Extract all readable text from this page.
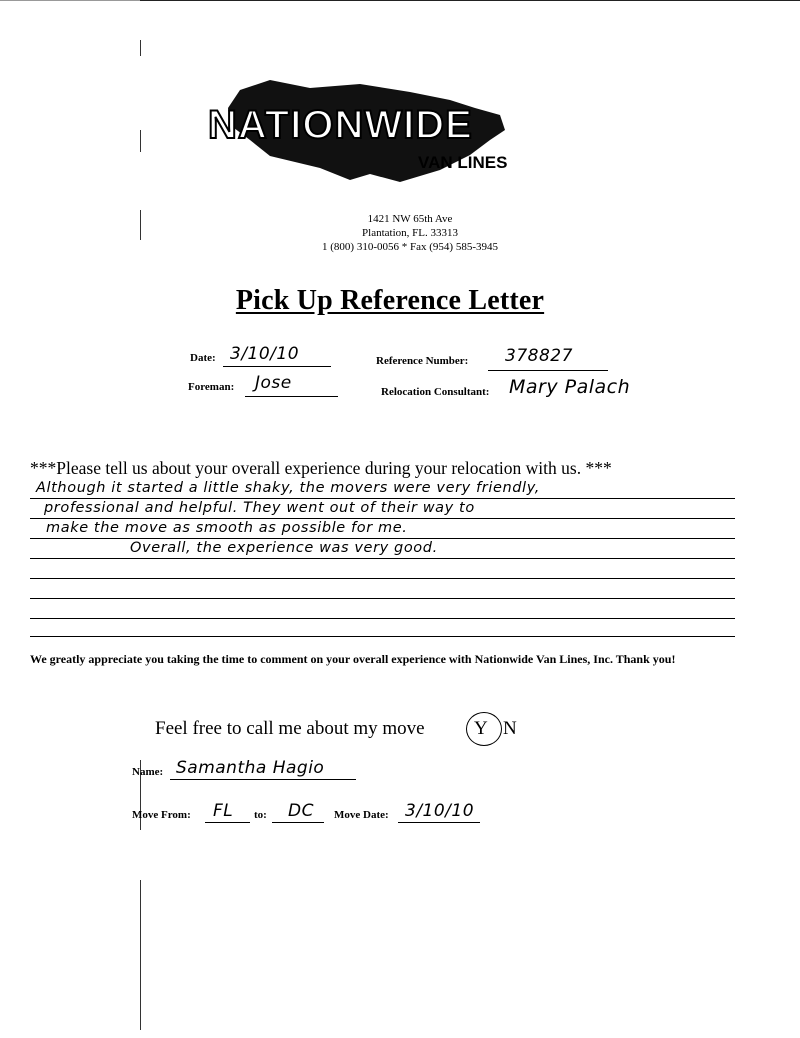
NATIONWIDE
VAN LINES
1421 NW 65th Ave
Plantation, FL. 33313
1 (800) 310-0056 * Fax (954) 585-3945
Pick Up Reference Letter
Date: 3/10/10	Reference Number: 378827
Foreman: Jose	Relocation Consultant: Mary Palach
***Please tell us about your overall experience during your relocation with us. ***
Although it started a little shaky, the movers were very friendly,
professional and helpful. They went out of their way to
make the move as smooth as possible for me.
Overall, the experience was very good.
We greatly appreciate you taking the time to comment on your overall experience with Nationwide Van Lines, Inc. Thank you!
Feel free to call me about my move	Y N
Name: Samantha Hagio
Move From: FL to: DC Move Date: 3/10/10
